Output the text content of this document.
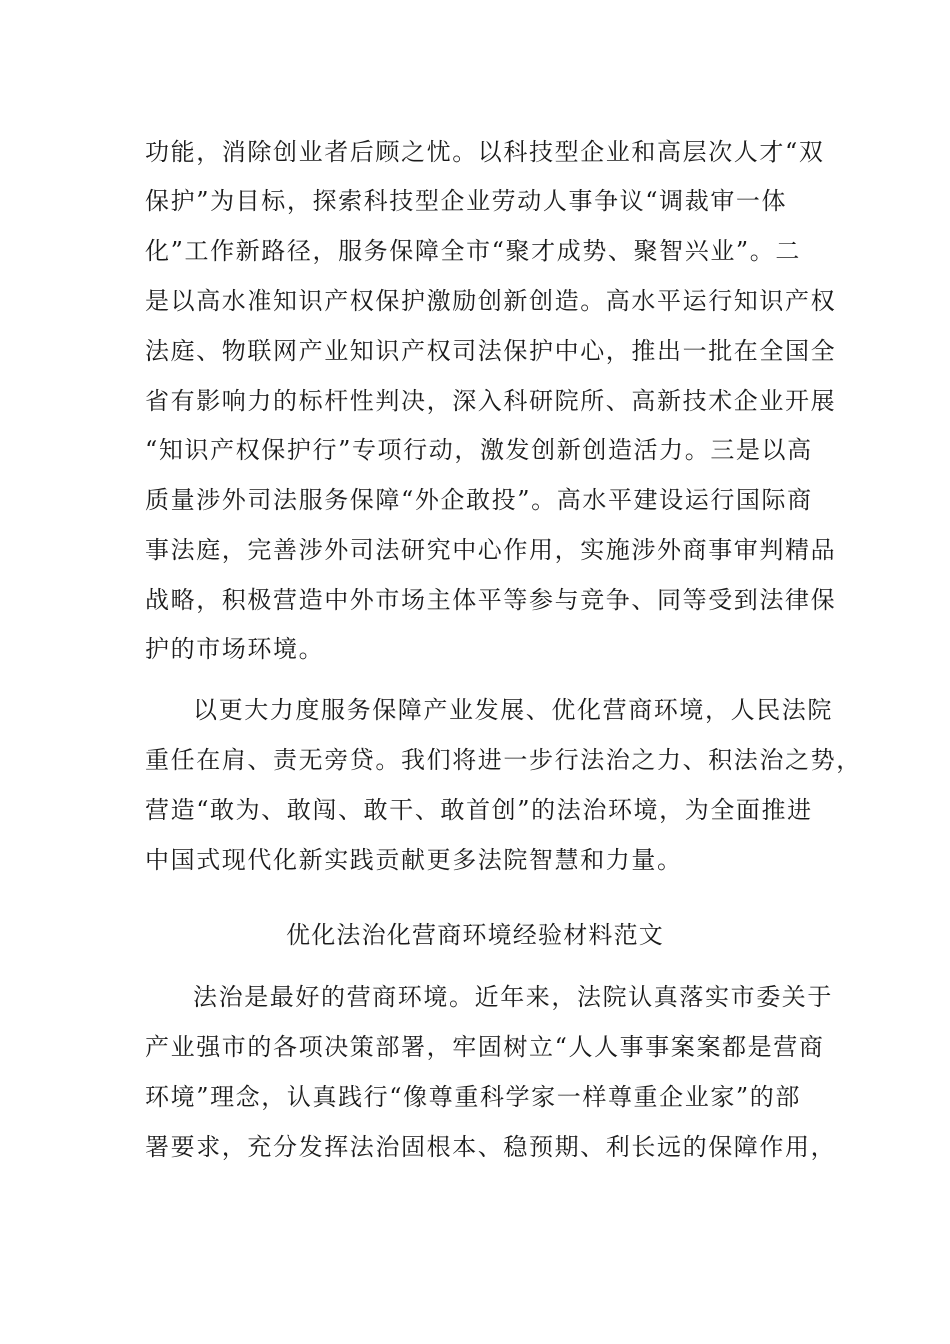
功能，消除创业者后顾之忧。以科技型企业和高层次人才“双
保护”为目标，探索科技型企业劳动人事争议“调裁审一体
化”工作新路径，服务保障全市“聚才成势、聚智兴业”。二
是以高水准知识产权保护激励创新创造。高水平运行知识产权
法庭、物联网产业知识产权司法保护中心，推出一批在全国全
省有影响力的标杆性判决，深入科研院所、高新技术企业开展
“知识产权保护行”专项行动，激发创新创造活力。三是以高
质量涉外司法服务保障“外企敢投”。高水平建设运行国际商
事法庭，完善涉外司法研究中心作用，实施涉外商事审判精品
战略，积极营造中外市场主体平等参与竞争、同等受到法律保
护的市场环境。
以更大力度服务保障产业发展、优化营商环境，人民法院
重任在肩、责无旁贷。我们将进一步行法治之力、积法治之势，
营造“敢为、敢闯、敢干、敢首创”的法治环境，为全面推进
中国式现代化新实践贡献更多法院智慧和力量。
优化法治化营商环境经验材料范文
法治是最好的营商环境。近年来，法院认真落实市委关于
产业强市的各项决策部署，牢固树立“人人事事案案都是营商
环境”理念，认真践行“像尊重科学家一样尊重企业家”的部
署要求，充分发挥法治固根本、稳预期、利长远的保障作用，
